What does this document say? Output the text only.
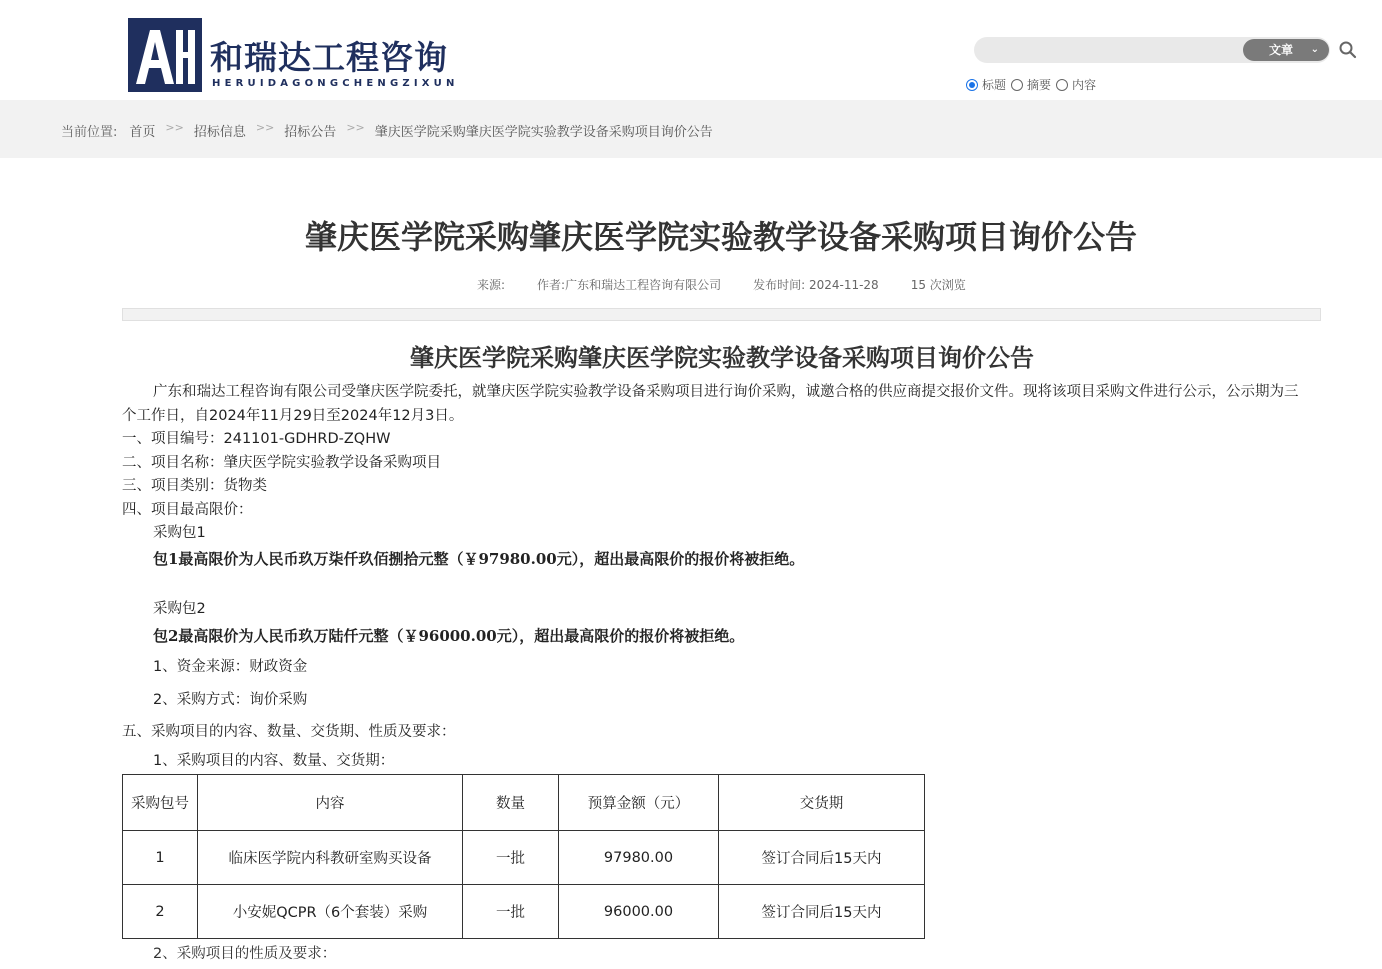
和瑞达工程咨询
HERUIDAGONGCHENGZIXUN
文章 ⌄
标题 摘要 内容
当前位置: 首页 >> 招标信息 >> 招标公告 >> 肇庆医学院采购肇庆医学院实验教学设备采购项目询价公告
肇庆医学院采购肇庆医学院实验教学设备采购项目询价公告
来源:	作者:广东和瑞达工程咨询有限公司	发布时间: 2024-11-28	15 次浏览
肇庆医学院采购肇庆医学院实验教学设备采购项目询价公告

广东和瑞达工程咨询有限公司受肇庆医学院委托，就肇庆医学院实验教学设备采购项目进行询价采购，诚邀合格的供应商提交报价文件。现将该项目采购文件进行公示，公示期为三个工作日，自2024年11月29日至2024年12月3日。

一、项目编号：241101-GDHRD-ZQHW
二、项目名称：肇庆医学院实验教学设备采购项目
三、项目类别：货物类
四、项目最高限价：
采购包1
包1最高限价为人民币玖万柒仟玖佰捌拾元整（￥97980.00元），超出最高限价的报价将被拒绝。
采购包2
包2最高限价为人民币玖万陆仟元整（￥96000.00元），超出最高限价的报价将被拒绝。
1、资金来源：财政资金
2、采购方式：询价采购
五、采购项目的内容、数量、交货期、性质及要求：
1、采购项目的内容、数量、交货期：
采购包号	内容	数量	预算金额（元）	交货期
1	临床医学院内科教研室购买设备	一批	97980.00	签订合同后15天内
2	小安妮QCPR（6个套装）采购	一批	96000.00	签订合同后15天内
2、采购项目的性质及要求：
